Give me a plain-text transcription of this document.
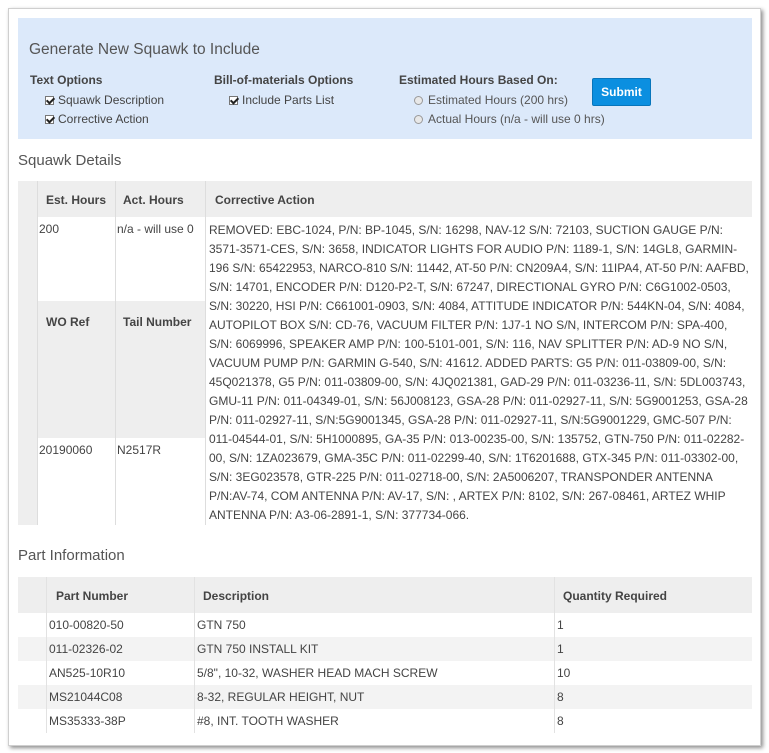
Generate New Squawk to Include
Text Options
Squawk Description
Corrective Action
Bill-of-materials Options
Include Parts List
Estimated Hours Based On:
Estimated Hours (200 hrs)
Actual Hours (n/a - will use 0 hrs)
Submit
Squawk Details
Est. Hours Act. Hours	Corrective Action
200	n/a - will use 0
WO Ref	Tail Number
20190060 N2517R
REMOVED: EBC-1024, P/N: BP-1045, S/N: 16298, NAV-12 S/N: 72103, SUCTION GAUGE P/N: 3571-3571-CES, S/N: 3658, INDICATOR LIGHTS FOR AUDIO P/N: 1189-1, S/N: 14GL8, GARMIN-196 S/N: 65422953, NARCO-810 S/N: 11442, AT-50 P/N: CN209A4, S/N: 11IPA4, AT-50 P/N: AAFBD, S/N: 14701, ENCODER P/N: D120-P2-T, S/N: 67247, DIRECTIONAL GYRO P/N: C6G1002-0503, S/N: 30220, HSI P/N: C661001-0903, S/N: 4084, ATTITUDE INDICATOR P/N: 544KN-04, S/N: 4084, AUTOPILOT BOX S/N: CD-76, VACUUM FILTER P/N: 1J7-1 NO S/N, INTERCOM P/N: SPA-400, S/N: 6069996, SPEAKER AMP P/N: 100-5101-001, S/N: 116, NAV SPLITTER P/N: AD-9 NO S/N, VACUUM PUMP P/N: GARMIN G-540, S/N: 41612. ADDED PARTS: G5 P/N: 011-03809-00, S/N: 45Q021378, G5 P/N: 011-03809-00, S/N: 4JQ021381, GAD-29 P/N: 011-03236-11, S/N: 5DL003743, GMU-11 P/N: 011-04349-01, S/N: 56J008123, GSA-28 P/N: 011-02927-11, S/N: 5G9001253, GSA-28 P/N: 011-02927-11, S/N:5G9001345, GSA-28 P/N: 011-02927-11, S/N:5G9001229, GMC-507 P/N: 011-04544-01, S/N: 5H1000895, GA-35 P/N: 013-00235-00, S/N: 135752, GTN-750 P/N: 011-02282-00, S/N: 1ZA023679, GMA-35C P/N: 011-02299-40, S/N: 1T6201688, GTX-345 P/N: 011-03302-00, S/N: 3EG023578, GTR-225 P/N: 011-02718-00, S/N: 2A5006207, TRANSPONDER ANTENNA P/N:AV-74, COM ANTENNA P/N: AV-17, S/N: , ARTEX P/N: 8102, S/N: 267-08461, ARTEZ WHIP ANTENNA P/N: A3-06-2891-1, S/N: 377734-066.
Part Information
Part Number	Description	Quantity Required
010-00820-50	GTN 750	1
011-02326-02	GTN 750 INSTALL KIT	1
AN525-10R10	5/8", 10-32, WASHER HEAD MACH SCREW	10
MS21044C08	8-32, REGULAR HEIGHT, NUT	8
MS35333-38P	#8, INT. TOOTH WASHER	8
